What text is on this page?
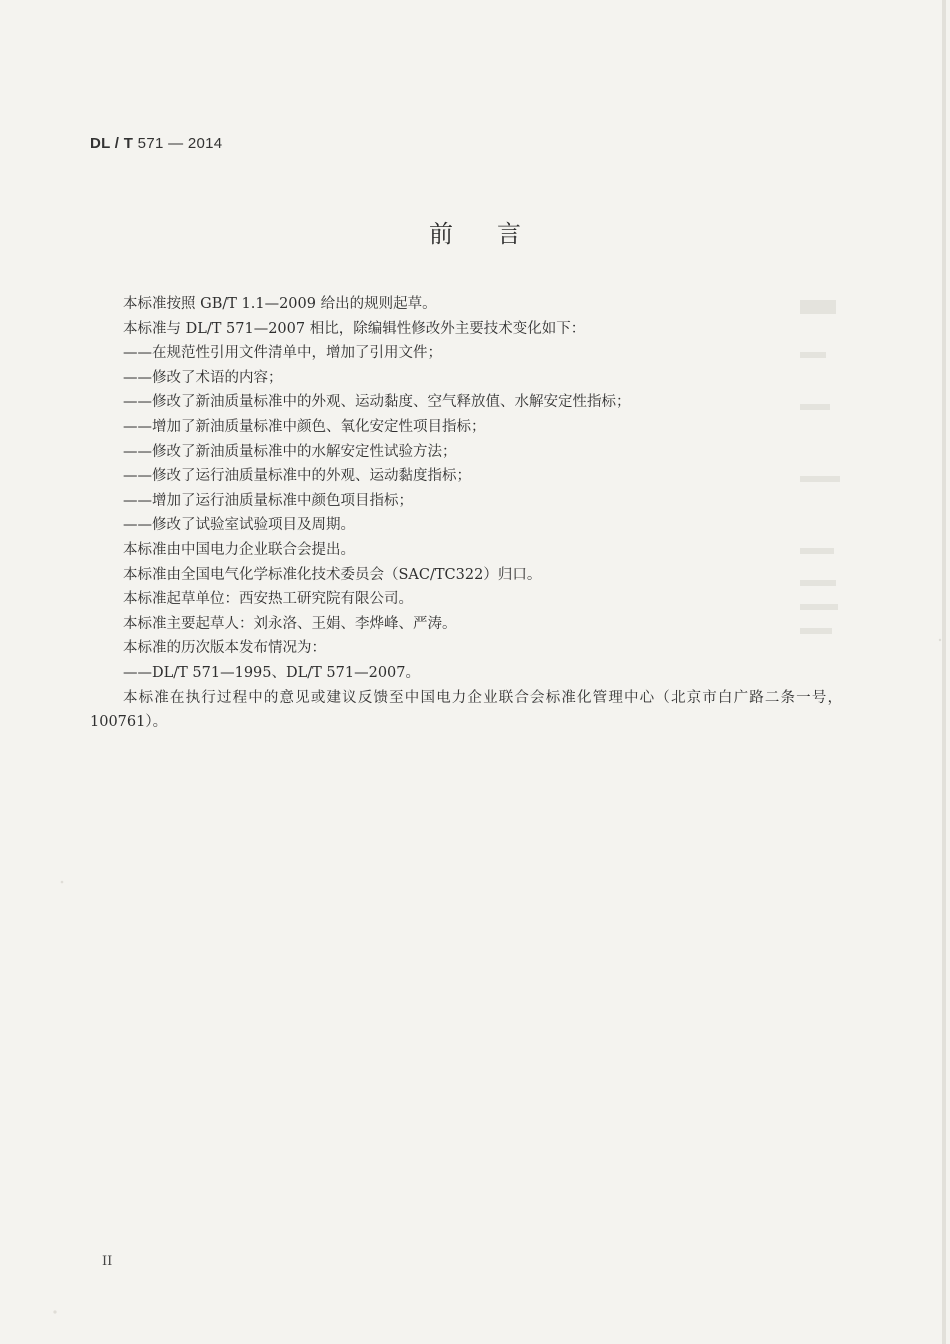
DL / T 571 — 2014
前言

本标准按照 GB/T 1.1—2009 给出的规则起草。

本标准与 DL/T 571—2007 相比，除编辑性修改外主要技术变化如下：

——在规范性引用文件清单中，增加了引用文件；

——修改了术语的内容；

——修改了新油质量标准中的外观、运动黏度、空气释放值、水解安定性指标；

——增加了新油质量标准中颜色、氧化安定性项目指标；

——修改了新油质量标准中的水解安定性试验方法；

——修改了运行油质量标准中的外观、运动黏度指标；

——增加了运行油质量标准中颜色项目指标；

——修改了试验室试验项目及周期。

本标准由中国电力企业联合会提出。

本标准由全国电气化学标准化技术委员会（SAC/TC322）归口。

本标准起草单位：西安热工研究院有限公司。

本标准主要起草人：刘永洛、王娟、李烨峰、严涛。

本标准的历次版本发布情况为：

——DL/T 571—1995、DL/T 571—2007。

本标准在执行过程中的意见或建议反馈至中国电力企业联合会标准化管理中心（北京市白广路二条一号，100761）。

II
